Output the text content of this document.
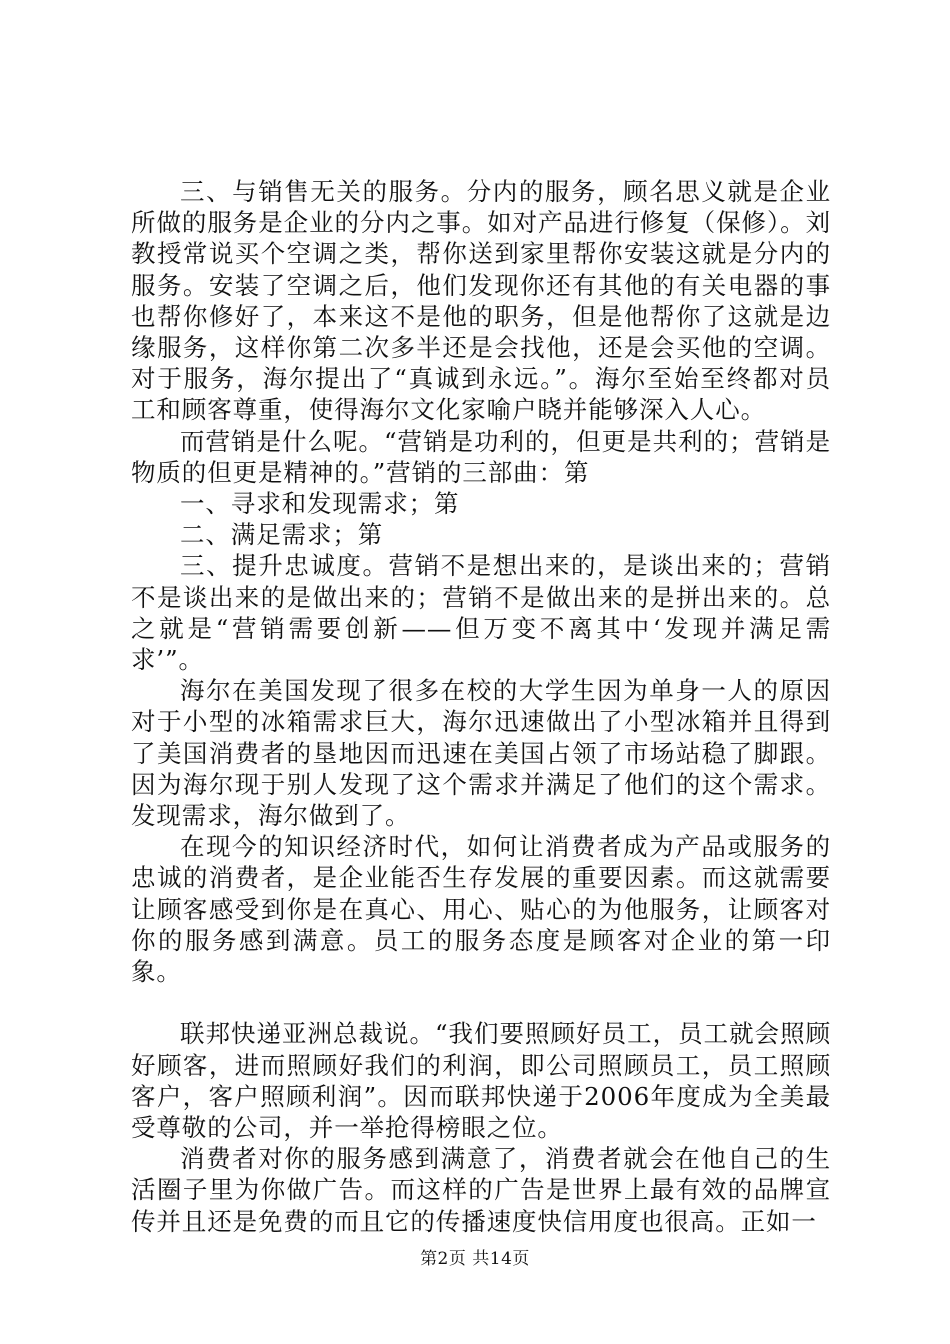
三、与销售无关的服务。分内的服务，顾名思义就是企业所做的服务是企业的分内之事。如对产品进行修复（保修）。刘教授常说买个空调之类，帮你送到家里帮你安装这就是分内的服务。安装了空调之后，他们发现你还有其他的有关电器的事也帮你修好了，本来这不是他的职务，但是他帮你了这就是边缘服务，这样你第二次多半还是会找他，还是会买他的空调。对于服务，海尔提出了“真诚到永远。”。海尔至始至终都对员工和顾客尊重，使得海尔文化家喻户晓并能够深入人心。

而营销是什么呢。“营销是功利的，但更是共利的；营销是物质的但更是精神的。”营销的三部曲：第

一、寻求和发现需求；第

二、满足需求；第

三、提升忠诚度。营销不是想出来的，是谈出来的；营销不是谈出来的是做出来的；营销不是做出来的是拼出来的。总之就是“营销需要创新——但万变不离其中‘发现并满足需求’”。

海尔在美国发现了很多在校的大学生因为单身一人的原因对于小型的冰箱需求巨大，海尔迅速做出了小型冰箱并且得到了美国消费者的垦地因而迅速在美国占领了市场站稳了脚跟。因为海尔现于别人发现了这个需求并满足了他们的这个需求。发现需求，海尔做到了。

在现今的知识经济时代，如何让消费者成为产品或服务的忠诚的消费者，是企业能否生存发展的重要因素。而这就需要让顾客感受到你是在真心、用心、贴心的为他服务，让顾客对你的服务感到满意。员工的服务态度是顾客对企业的第一印象。

联邦快递亚洲总裁说。“我们要照顾好员工，员工就会照顾好顾客，进而照顾好我们的利润，即公司照顾员工，员工照顾客户，客户照顾利润”。因而联邦快递于2006年度成为全美最受尊敬的公司，并一举抢得榜眼之位。

消费者对你的服务感到满意了，消费者就会在他自己的生活圈子里为你做广告。而这样的广告是世界上最有效的品牌宣传并且还是免费的而且它的传播速度快信用度也很高。正如一

第2页 共14页
